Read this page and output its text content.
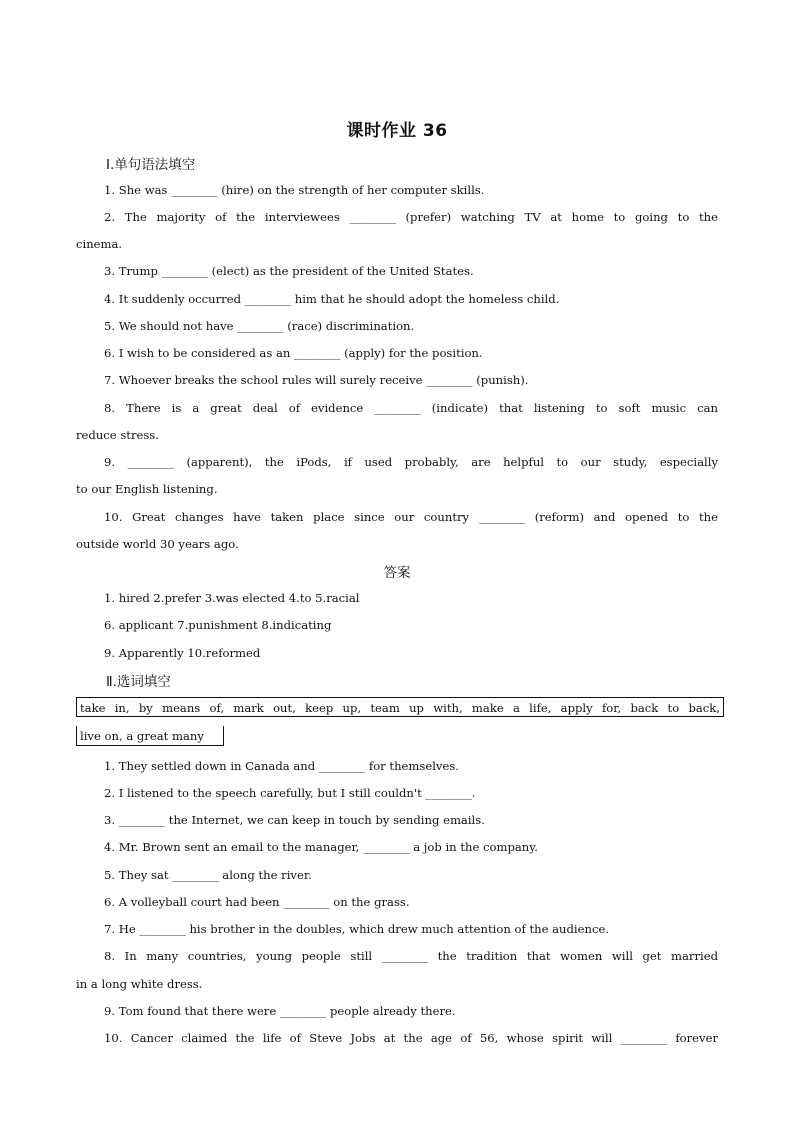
课时作业 36
Ⅰ.单句语法填空
1. She was ________ (hire) on the strength of her computer skills.
2. The majority of the interviewees ________ (prefer) watching TV at home to going to the
cinema.
3. Trump ________ (elect) as the president of the United States.
4. It suddenly occurred ________ him that he should adopt the homeless child.
5. We should not have ________ (race) discrimination.
6. I wish to be considered as an ________ (apply) for the position.
7. Whoever breaks the school rules will surely receive ________ (punish).
8. There is a great deal of evidence ________ (indicate) that listening to soft music can
reduce stress.
9. ________ (apparent), the iPods, if used probably, are helpful to our study, especially
to our English listening.
10. Great changes have taken place since our country ________ (reform) and opened to the
outside world 30 years ago.
答案
1. hired 2.prefer 3.was elected 4.to 5.racial
6. applicant 7.punishment 8.indicating
9. Apparently 10.reformed
Ⅱ.选词填空
take in, by means of, mark out, keep up, team up with, make a life, apply for, back to back,
live on, a great many
1. They settled down in Canada and ________ for themselves.
2. I listened to the speech carefully, but I still couldn't ________.
3. ________ the Internet, we can keep in touch by sending emails.
4. Mr. Brown sent an email to the manager, ________ a job in the company.
5. They sat ________ along the river.
6. A volleyball court had been ________ on the grass.
7. He ________ his brother in the doubles, which drew much attention of the audience.
8. In many countries, young people still ________ the tradition that women will get married
in a long white dress.
9. Tom found that there were ________ people already there.
10. Cancer claimed the life of Steve Jobs at the age of 56, whose spirit will ________ forever
